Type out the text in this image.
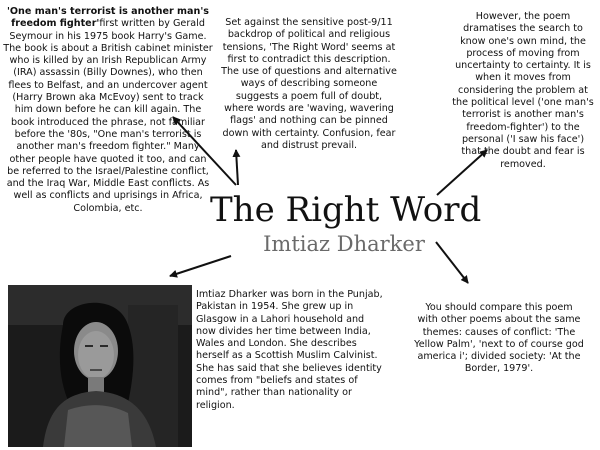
'One man's terrorist is another man's freedom fighter'first written by Gerald Seymour in his 1975 book Harry's Game. The book is about a British cabinet minister who is killed by an Irish Republican Army (IRA) assassin (Billy Downes), who then flees to Belfast, and an undercover agent (Harry Brown aka McEvoy) sent to track him down before he can kill again. The book introduced the phrase, not familiar before the '80s, "One man's terrorist is another man's freedom fighter." Many other people have quoted it too, and can be referred to the Israel/Palestine conflict, and the Iraq War, Middle East conflicts. As well as conflicts and uprisings in Africa, Colombia, etc.
Set against the sensitive post-9/11 backdrop of political and religious tensions, 'The Right Word' seems at first to contradict this description. The use of questions and alternative ways of describing someone suggests a poem full of doubt, where words are 'waving, wavering flags' and nothing can be pinned down with certainty. Confusion, fear and distrust prevail.
However, the poem dramatises the search to know one's own mind, the process of moving from uncertainty to certainty. It is when it moves from considering the problem at the political level ('one man's terrorist is another man's freedom-fighter') to the personal ('I saw his face') that the doubt and fear is removed.
The Right Word
Imtiaz Dharker
Imtiaz Dharker was born in the Punjab, Pakistan in 1954. She grew up in Glasgow in a Lahori household and now divides her time between India, Wales and London. She describes herself as a Scottish Muslim Calvinist. She has said that she believes identity comes from "beliefs and states of mind", rather than nationality or religion.
You should compare this poem with other poems about the same themes: causes of conflict: 'The Yellow Palm', 'next to of course god america i'; divided society: 'At the Border, 1979'.
